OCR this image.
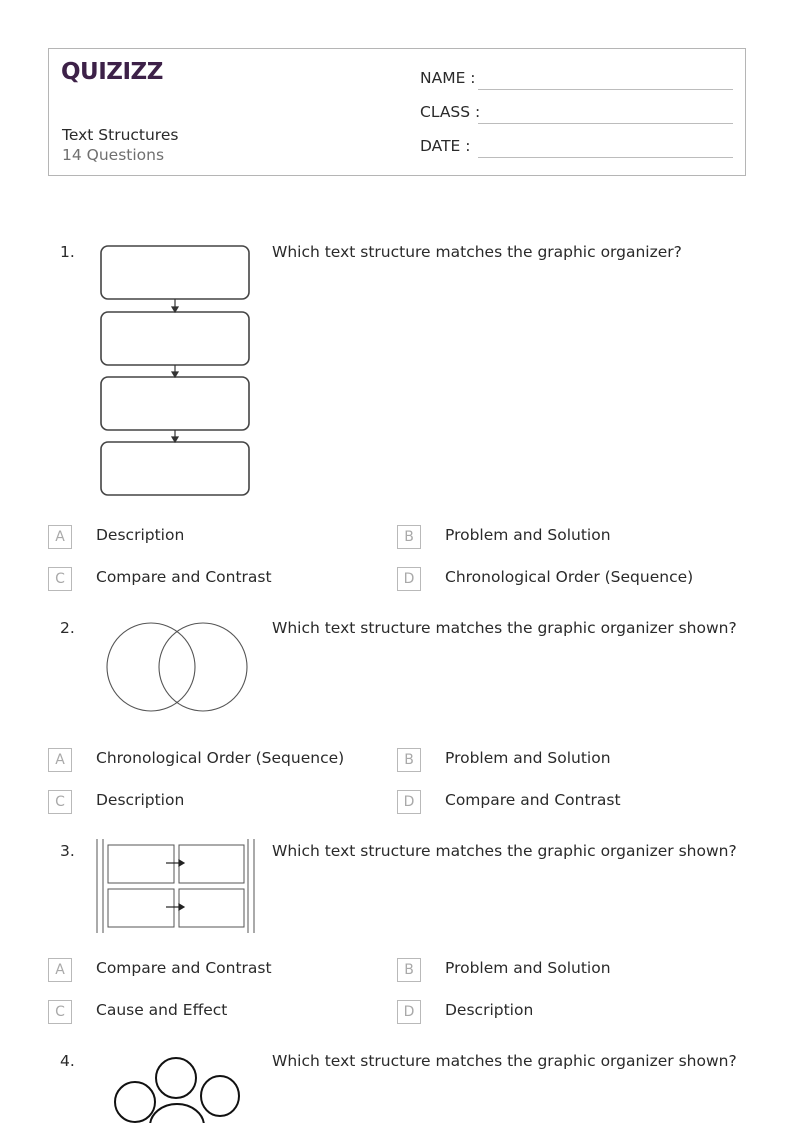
QUIZIZZ
Text Structures
14 Questions
NAME :
CLASS :
DATE :
1.	Which text structure matches the graphic organizer?
A	Description	B	Problem and Solution
C	Compare and Contrast	D	Chronological Order (Sequence)
2.	Which text structure matches the graphic organizer shown?
A	Chronological Order (Sequence)	B	Problem and Solution
C	Description	D	Compare and Contrast
3.	Which text structure matches the graphic organizer shown?
A	Compare and Contrast	B	Problem and Solution
C	Cause and Effect	D	Description
4.	Which text structure matches the graphic organizer shown?
